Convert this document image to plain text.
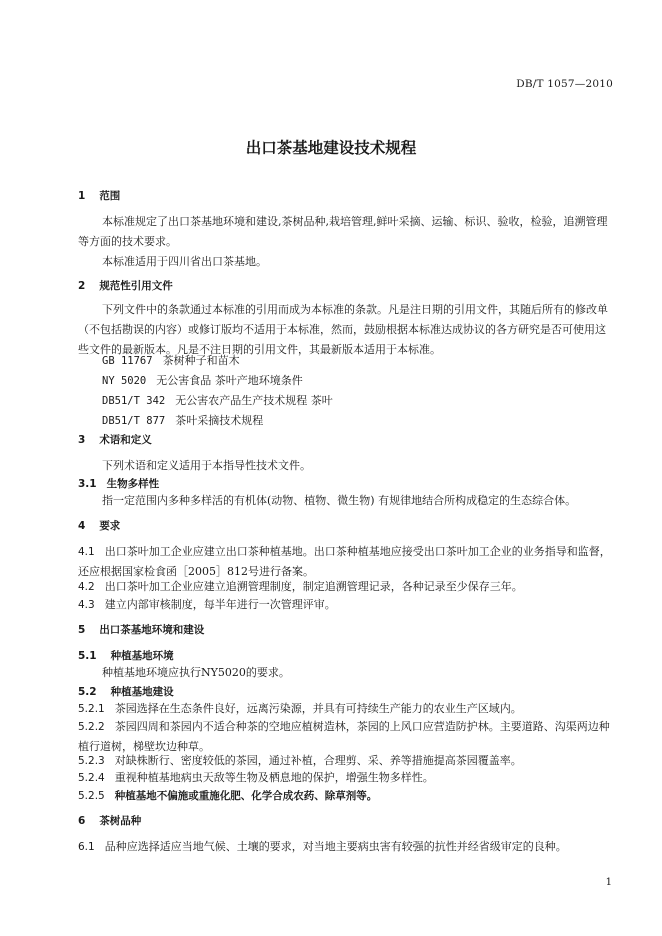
DB/T 1057—2010
出口茶基地建设技术规程

1 范围

本标准规定了出口茶基地环境和建设,茶树品种,栽培管理,鲜叶采摘、运输、标识、验收，检验，追溯管理等方面的技术要求。
本标准适用于四川省出口茶基地。

2 规范性引用文件

下列文件中的条款通过本标准的引用而成为本标准的条款。凡是注日期的引用文件，其随后所有的修改单（不包括勘误的内容）或修订版均不适用于本标准，然而，鼓励根据本标准达成协议的各方研究是否可使用这些文件的最新版本。凡是不注日期的引用文件，其最新版本适用于本标准。

GB 11767 茶树种子和苗木

NY 5020 无公害食品 茶叶产地环境条件

DB51/T 342 无公害农产品生产技术规程 茶叶

DB51/T 877 茶叶采摘技术规程

3 术语和定义

下列术语和定义适用于本指导性技术文件。

3.1 生物多样性

指一定范围内多种多样活的有机体(动物、植物、微生物) 有规律地结合所构成稳定的生态综合体。

4 要求

4.1 出口茶叶加工企业应建立出口茶种植基地。出口茶种植基地应接受出口茶叶加工企业的业务指导和监督，还应根据国家检食函［2005］812号进行备案。

4.2 出口茶叶加工企业应建立追溯管理制度，制定追溯管理记录，各种记录至少保存三年。

4.3 建立内部审核制度，每半年进行一次管理评审。

5 出口茶基地环境和建设

5.1 种植基地环境

种植基地环境应执行NY5020的要求。

5.2 种植基地建设

5.2.1 茶园选择在生态条件良好，远离污染源，并具有可持续生产能力的农业生产区域内。

5.2.2 茶园四周和茶园内不适合种茶的空地应植树造林，茶园的上风口应营造防护林。主要道路、沟渠两边种植行道树，梯壁坎边种草。

5.2.3 对缺株断行、密度较低的茶园，通过补植，合理剪、采、养等措施提高茶园覆盖率。

5.2.4 重视种植基地病虫天敌等生物及栖息地的保护，增强生物多样性。

5.2.5 种植基地不偏施或重施化肥、化学合成农药、除草剂等。

6 茶树品种

6.1 品种应选择适应当地气候、土壤的要求，对当地主要病虫害有较强的抗性并经省级审定的良种。

1
